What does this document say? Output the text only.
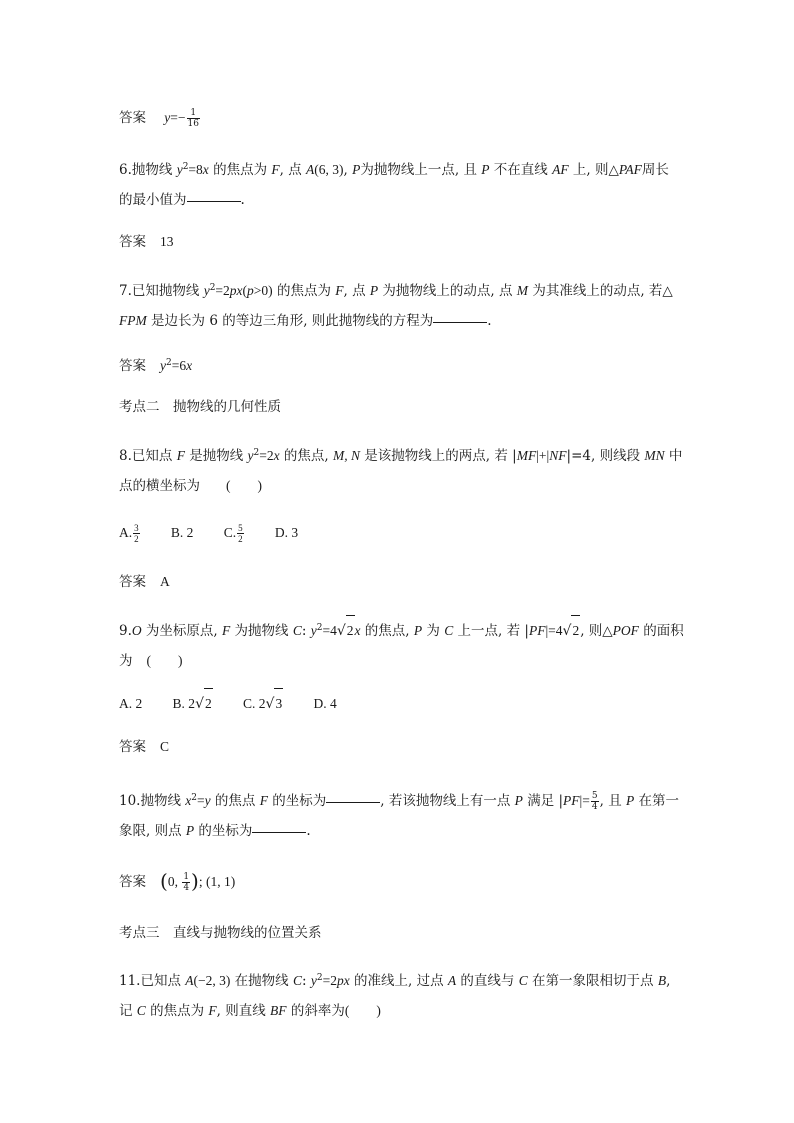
答案 $y=- \frac{1}{16}$
6.抛物线 $y^2=8x$ 的焦点为 F, 点 A(6, 3), P为抛物线上一点, 且 P 不在直线 AF 上, 则△PAF周长
的最小值为	.
答案 13
7.已知抛物线 $y^2=2px(p>0)$ 的焦点为 F, 点 P 为抛物线上的动点, 点 M 为其准线上的动点, 若△
FPM 是边长为 6 的等边三角形, 则此抛物线的方程为	.
答案 $y^2=6x$
考点二　抛物线的几何性质
8.已知点 F 是抛物线 $y^2=2x$ 的焦点, M, N 是该抛物线上的两点, 若 |MF|+|NF|=4, 则线段 MN 中
点的横坐标为 (　　)
A. $\frac{3}{2} B$. 2 C. $\frac{5}{2} D$. 3
答案 A
9.O 为坐标原点, F 为抛物线 C: $y^2=4√2x$ 的焦点, P 为 C 上一点, 若 |PF|=4√2, 则△POF 的面积
为 (　　)
A. 2 B. 2√2 C. 2√3 D. 4
答案 C
10.抛物线 $x^2=y$ 的焦点 F 的坐标为	, 若该抛物线上有一点 P 满足 $|PF|= \frac{5}{4}$ , 且 P 在第一
象限, 则点 P 的坐标为	.
答案 (0, $\frac{1}{4}$ ); (1, 1)
考点三　直线与抛物线的位置关系
11.已知点 A(−2, 3) 在抛物线 C: $y^2=2px$ 的准线上, 过点 A 的直线与 C 在第一象限相切于点 B,
记 C 的焦点为 F, 则直线 BF 的斜率为(　　)
